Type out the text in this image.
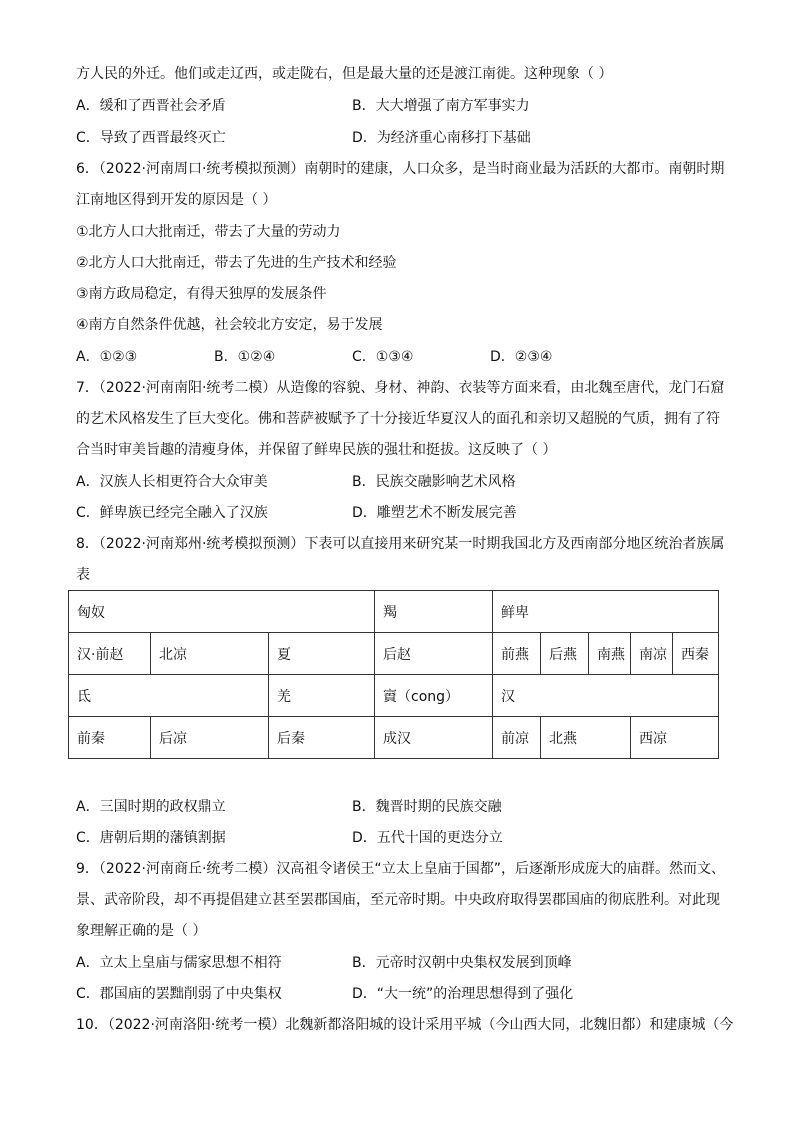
方人民的外迁。他们或走辽西，或走陇右，但是最大量的还是渡江南徙。这种现象（ ）
A．缓和了西晋社会矛盾	B．大大增强了南方军事实力
C．导致了西晋最终灭亡	D．为经济重心南移打下基础
6．（2022·河南周口·统考模拟预测）南朝时的建康，人口众多，是当时商业最为活跃的大都市。南朝时期
江南地区得到开发的原因是（ ）
①北方人口大批南迁，带去了大量的劳动力
②北方人口大批南迁，带去了先进的生产技术和经验
③南方政局稳定，有得天独厚的发展条件
④南方自然条件优越，社会较北方安定，易于发展
A．①②③	B．①②④	C．①③④	D．②③④
7．（2022·河南南阳·统考二模）从造像的容貌、身材、神韵、衣装等方面来看，由北魏至唐代，龙门石窟
的艺术风格发生了巨大变化。佛和菩萨被赋予了十分接近华夏汉人的面孔和亲切又超脱的气质，拥有了符
合当时审美旨趣的清瘦身体，并保留了鲜卑民族的强壮和挺拔。这反映了（ ）
A．汉族人长相更符合大众审美	B．民族交融影响艺术风格
C．鲜卑族已经完全融入了汉族	D．雕塑艺术不断发展完善
8．（2022·河南郑州·统考模拟预测）下表可以直接用来研究某一时期我国北方及西南部分地区统治者族属
表
匈奴			羯	鲜卑				
汉·前赵	北凉	夏	后赵	前燕	后燕	南燕	南凉	西秦
氐		羌	賨（cong）	汉				
前秦	后凉	后秦	成汉	前凉	北燕		西凉	
A．三国时期的政权鼎立	B．魏晋时期的民族交融
C．唐朝后期的藩镇割据	D．五代十国的更迭分立
9．（2022·河南商丘·统考二模）汉高祖令诸侯王“立太上皇庙于国都”，后逐渐形成庞大的庙群。然而文、
景、武帝阶段，却不再提倡建立甚至罢郡国庙，至元帝时期。中央政府取得罢郡国庙的彻底胜利。对此现
象理解正确的是（ ）
A．立太上皇庙与儒家思想不相符	B．元帝时汉朝中央集权发展到顶峰
C．郡国庙的罢黜削弱了中央集权	D．“大一统”的治理思想得到了强化
10．（2022·河南洛阳·统考一模）北魏新都洛阳城的设计采用平城（今山西大同，北魏旧都）和建康城（今
